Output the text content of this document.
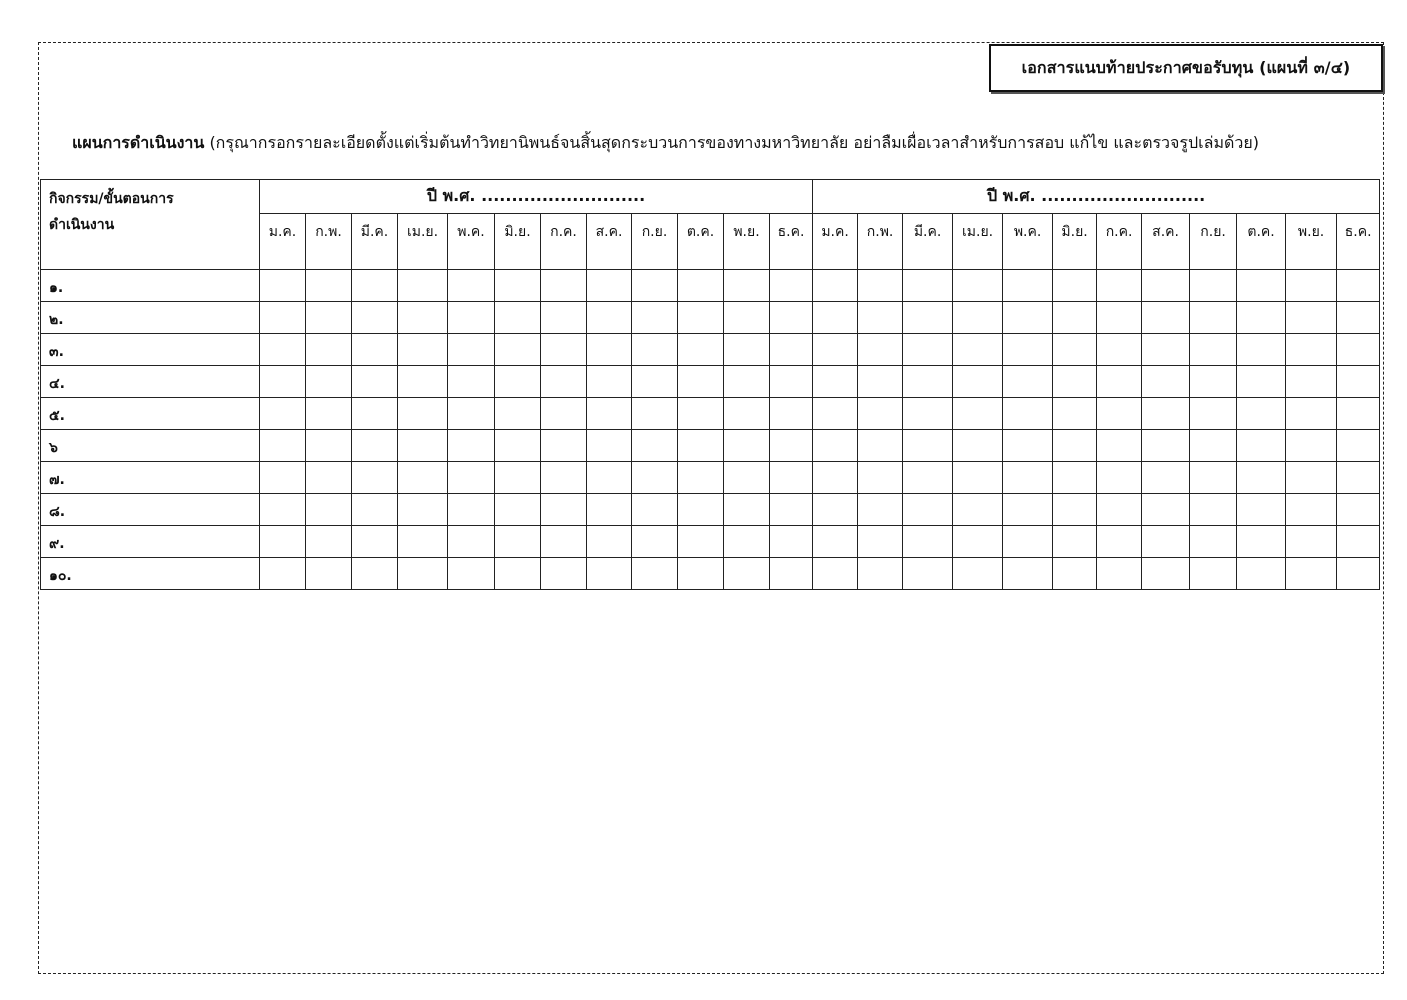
เอกสารแนบท้ายประกาศขอรับทุน (แผนที่ ๓/๔)
แผนการดำเนินงาน (กรุณากรอกรายละเอียดตั้งแต่เริ่มต้นทำวิทยานิพนธ์จนสิ้นสุดกระบวนการของทางมหาวิทยาลัย อย่าลืมเผื่อเวลาสำหรับการสอบ แก้ไข และตรวจรูปเล่มด้วย)
กิจกรรม/ขั้นตอนการ
ดำเนินงาน	ปี พ.ศ. ...........................												ปี พ.ศ. ...........................											
	ม.ค.	ก.พ.	มี.ค.	เม.ย.	พ.ค.	มิ.ย.	ก.ค.	ส.ค.	ก.ย.	ต.ค.	พ.ย.	ธ.ค.	ม.ค.	ก.พ.	มี.ค.	เม.ย.	พ.ค.	มิ.ย.	ก.ค.	ส.ค.	ก.ย.	ต.ค.	พ.ย.	ธ.ค.
๑.																								
๒.																								
๓.																								
๔.																								
๕.																								
๖																								
๗.																								
๘.																								
๙.																								
๑๐.																								
